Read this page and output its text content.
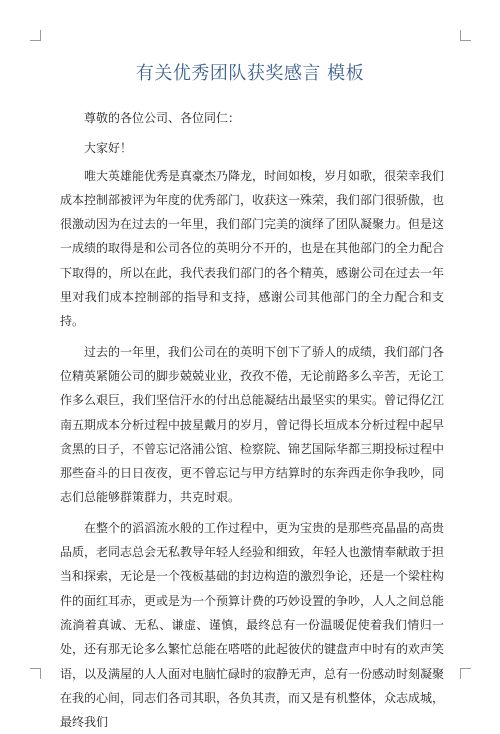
有关优秀团队获奖感言 模板

尊敬的各位公司、各位同仁：

大家好！

唯大英雄能优秀是真豪杰乃降龙，时间如梭，岁月如歌，很荣幸我们成本控制部被评为年度的优秀部门，收获这一殊荣，我们部门很骄傲，也很激动因为在过去的一年里，我们部门完美的演绎了团队凝聚力。但是这一成绩的取得是和公司各位的英明分不开的，也是在其他部门的全力配合下取得的，所以在此，我代表我们部门的各个精英，感谢公司在过去一年里对我们成本控制部的指导和支持，感谢公司其他部门的全力配合和支持。

过去的一年里，我们公司在的英明下创下了骄人的成绩，我们部门各位精英紧随公司的脚步兢兢业业，孜孜不倦，无论前路多么辛苦，无论工作多么艰巨，我们坚信汗水的付出总能凝结出最坚实的果实。曾记得亿江南五期成本分析过程中披星戴月的岁月，曾记得长垣成本分析过程中起早贪黑的日子，不曾忘记洛浦公馆、检察院、锦艺国际华都三期投标过程中那些奋斗的日日夜夜，更不曾忘记与甲方结算时的东奔西走你争我吵，同志们总能够群策群力，共克时艰。

在整个的滔滔流水般的工作过程中，更为宝贵的是那些亮晶晶的高贵品质，老同志总会无私教导年轻人经验和细致，年轻人也激情奉献敢于担当和探索，无论是一个筏板基础的封边构造的激烈争论，还是一个梁柱构件的面红耳赤，更或是为一个预算计费的巧妙设置的争吵，人人之间总能流淌着真诚、无私、谦虚、谨慎，最终总有一份温暖促使着我们情归一处，还有那无论多么繁忙总能在嗒嗒的此起彼伏的键盘声中时有的欢声笑语，以及满屋的人人面对电脑忙碌时的寂静无声，总有一份感动时刻凝聚在我的心间，同志们各司其职，各负其责，而又是有机整体，众志成城，最终我们
